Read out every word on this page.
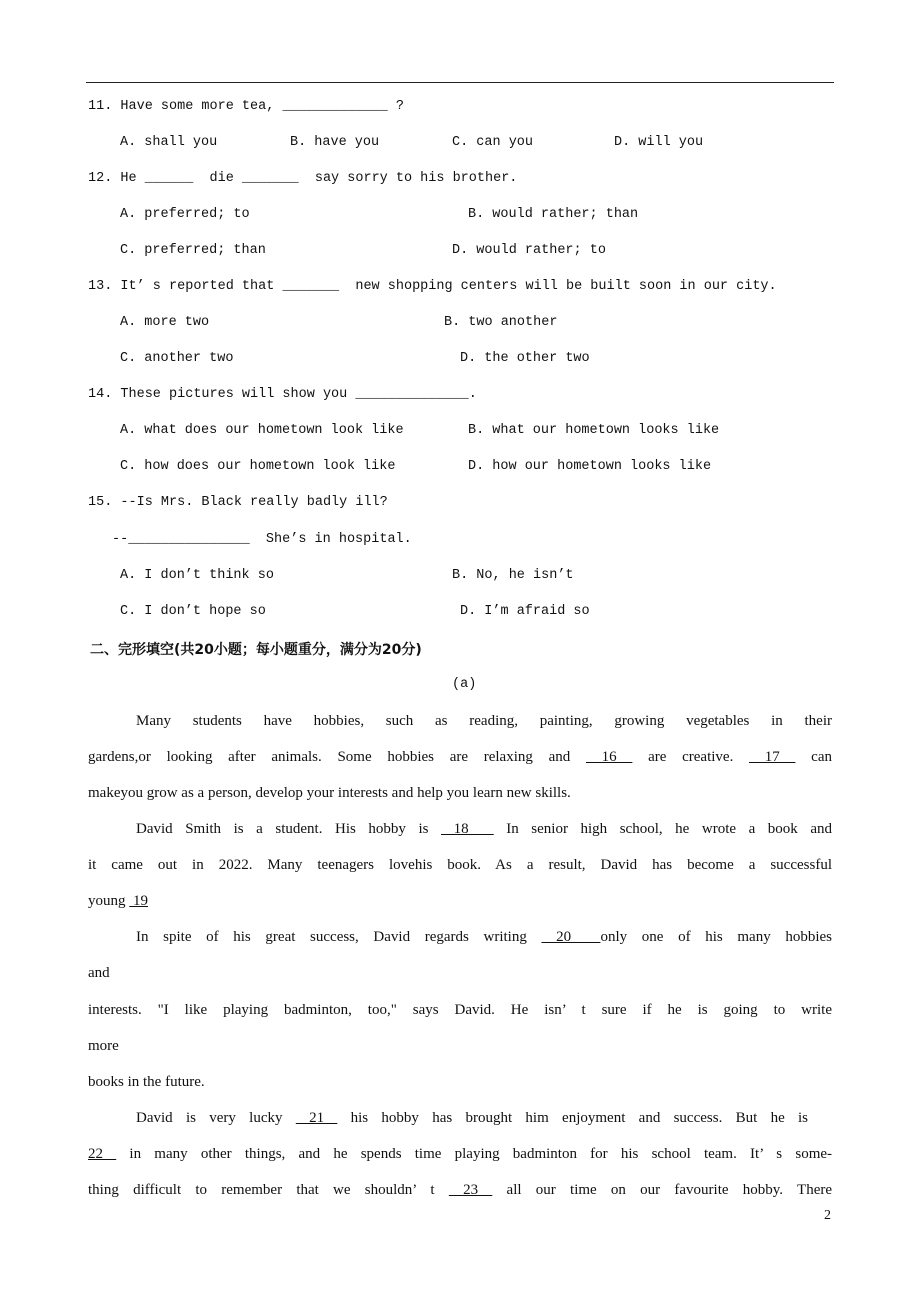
11. Have some more tea, _____________ ?
A. shall you	B. have you	C. can you	D. will you
12. He ______  die _______  say sorry to his brother.
A. preferred; to	B. would rather; than
C. preferred; than	D. would rather; to
13. It’ s reported that _______  new shopping centers will be built soon in our city.
A. more two	B. two another
C. another two	D. the other two
14. These pictures will show you ______________.
A. what does our hometown look like	B. what our hometown looks like
C. how does our hometown look like	D. how our hometown looks like
15. --Is Mrs. Black really badly ill?
--_______________  She’s in hospital.
A. I don’t think so	B. No, he isn’t
C. I don’t hope so	D. I’m afraid so
二、完形填空(共20小题；每小题重分，满分为20分)
(a)
Many students have hobbies, such as reading, painting, growing vegetables in their
gardens,or looking after animals. Some hobbies are relaxing and  16  are creative.  17  can
makeyou grow as a person, develop your interests and help you learn new skills.
David Smith is a student. His hobby is  18   In senior high school, he wrote a book and
it came out in 2022. Many teenagers lovehis book. As a result, David has become a successful
young  19
In spite of his great success, David regards writing  20  only one of his many hobbies
and
interests. "I like playing badminton, too," says David. He isn’ t sure if he is going to write
more
books in the future.
David is very lucky  21  his hobby has brought him enjoyment and success. But he is
22  in many other things, and he spends time playing badminton for his school team. It’ s some-
thing difficult to remember that we shouldn’ t  23  all our time on our favourite hobby. There
2
